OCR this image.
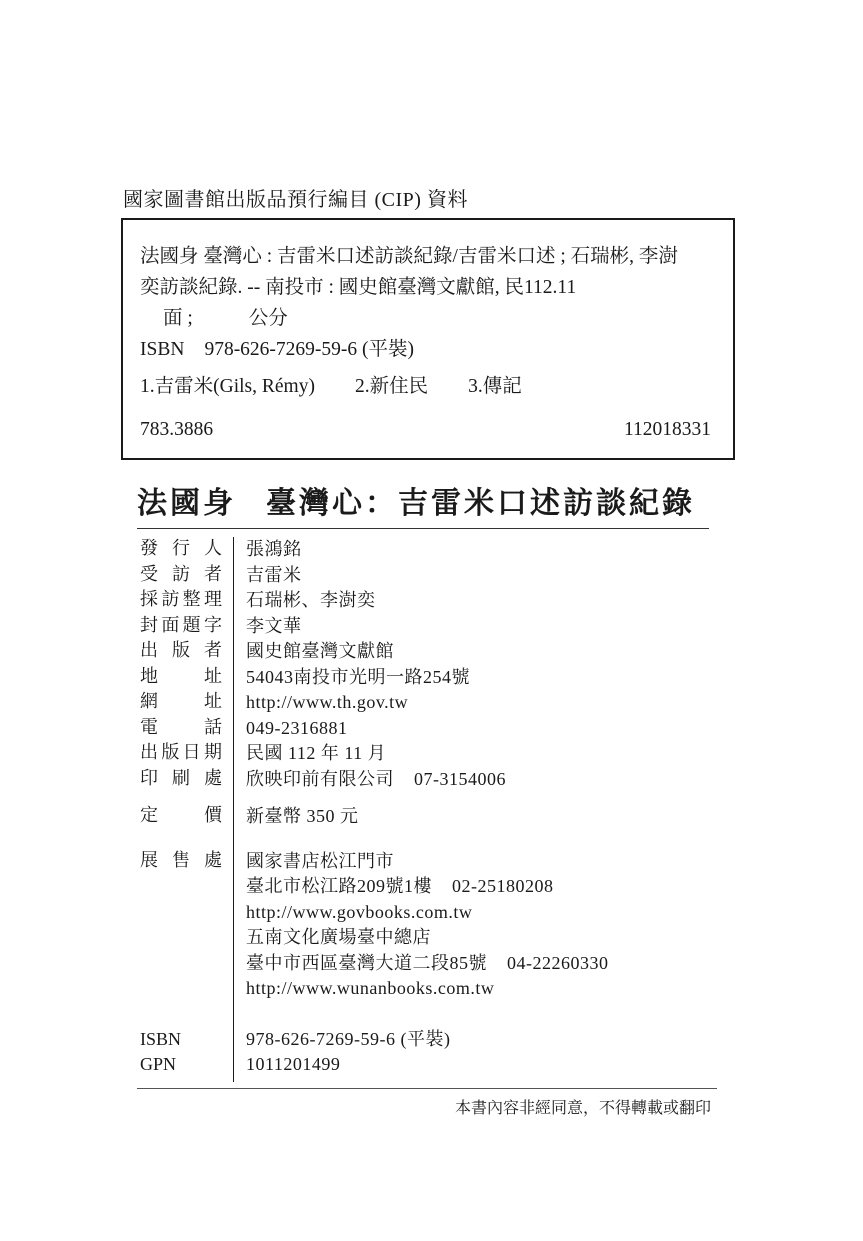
國家圖書館出版品預行編目 (CIP) 資料
法國身 臺灣心 : 吉雷米口述訪談紀錄/吉雷米口述 ; 石瑞彬, 李澍
奕訪談紀錄. -- 南投市 : 國史館臺灣文獻館, 民112.11
面 ;	公分
ISBN 978-626-7269-59-6 (平裝)
1.吉雷米(Gils, Rémy) 2.新住民 3.傳記
783.3886	112018331
法國身 臺灣心：吉雷米口述訪談紀錄
發行人 張鴻銘
受訪者 吉雷米
採訪整理 石瑞彬、李澍奕
封面題字 李文華
出版者 國史館臺灣文獻館
地址 54043南投市光明一路254號
網址 http://www.th.gov.tw
電話 049-2316881
出版日期 民國 112 年 11 月
印刷處 欣映印前有限公司 07-3154006
定價 新臺幣 350 元
展售處 國家書店松江門市
臺北市松江路209號1樓 02-25180208
http://www.govbooks.com.tw
五南文化廣場臺中總店
臺中市西區臺灣大道二段85號 04-22260330
http://www.wunanbooks.com.tw
ISBN	978-626-7269-59-6 (平裝)
GPN	1011201499
本書內容非經同意，不得轉載或翻印
